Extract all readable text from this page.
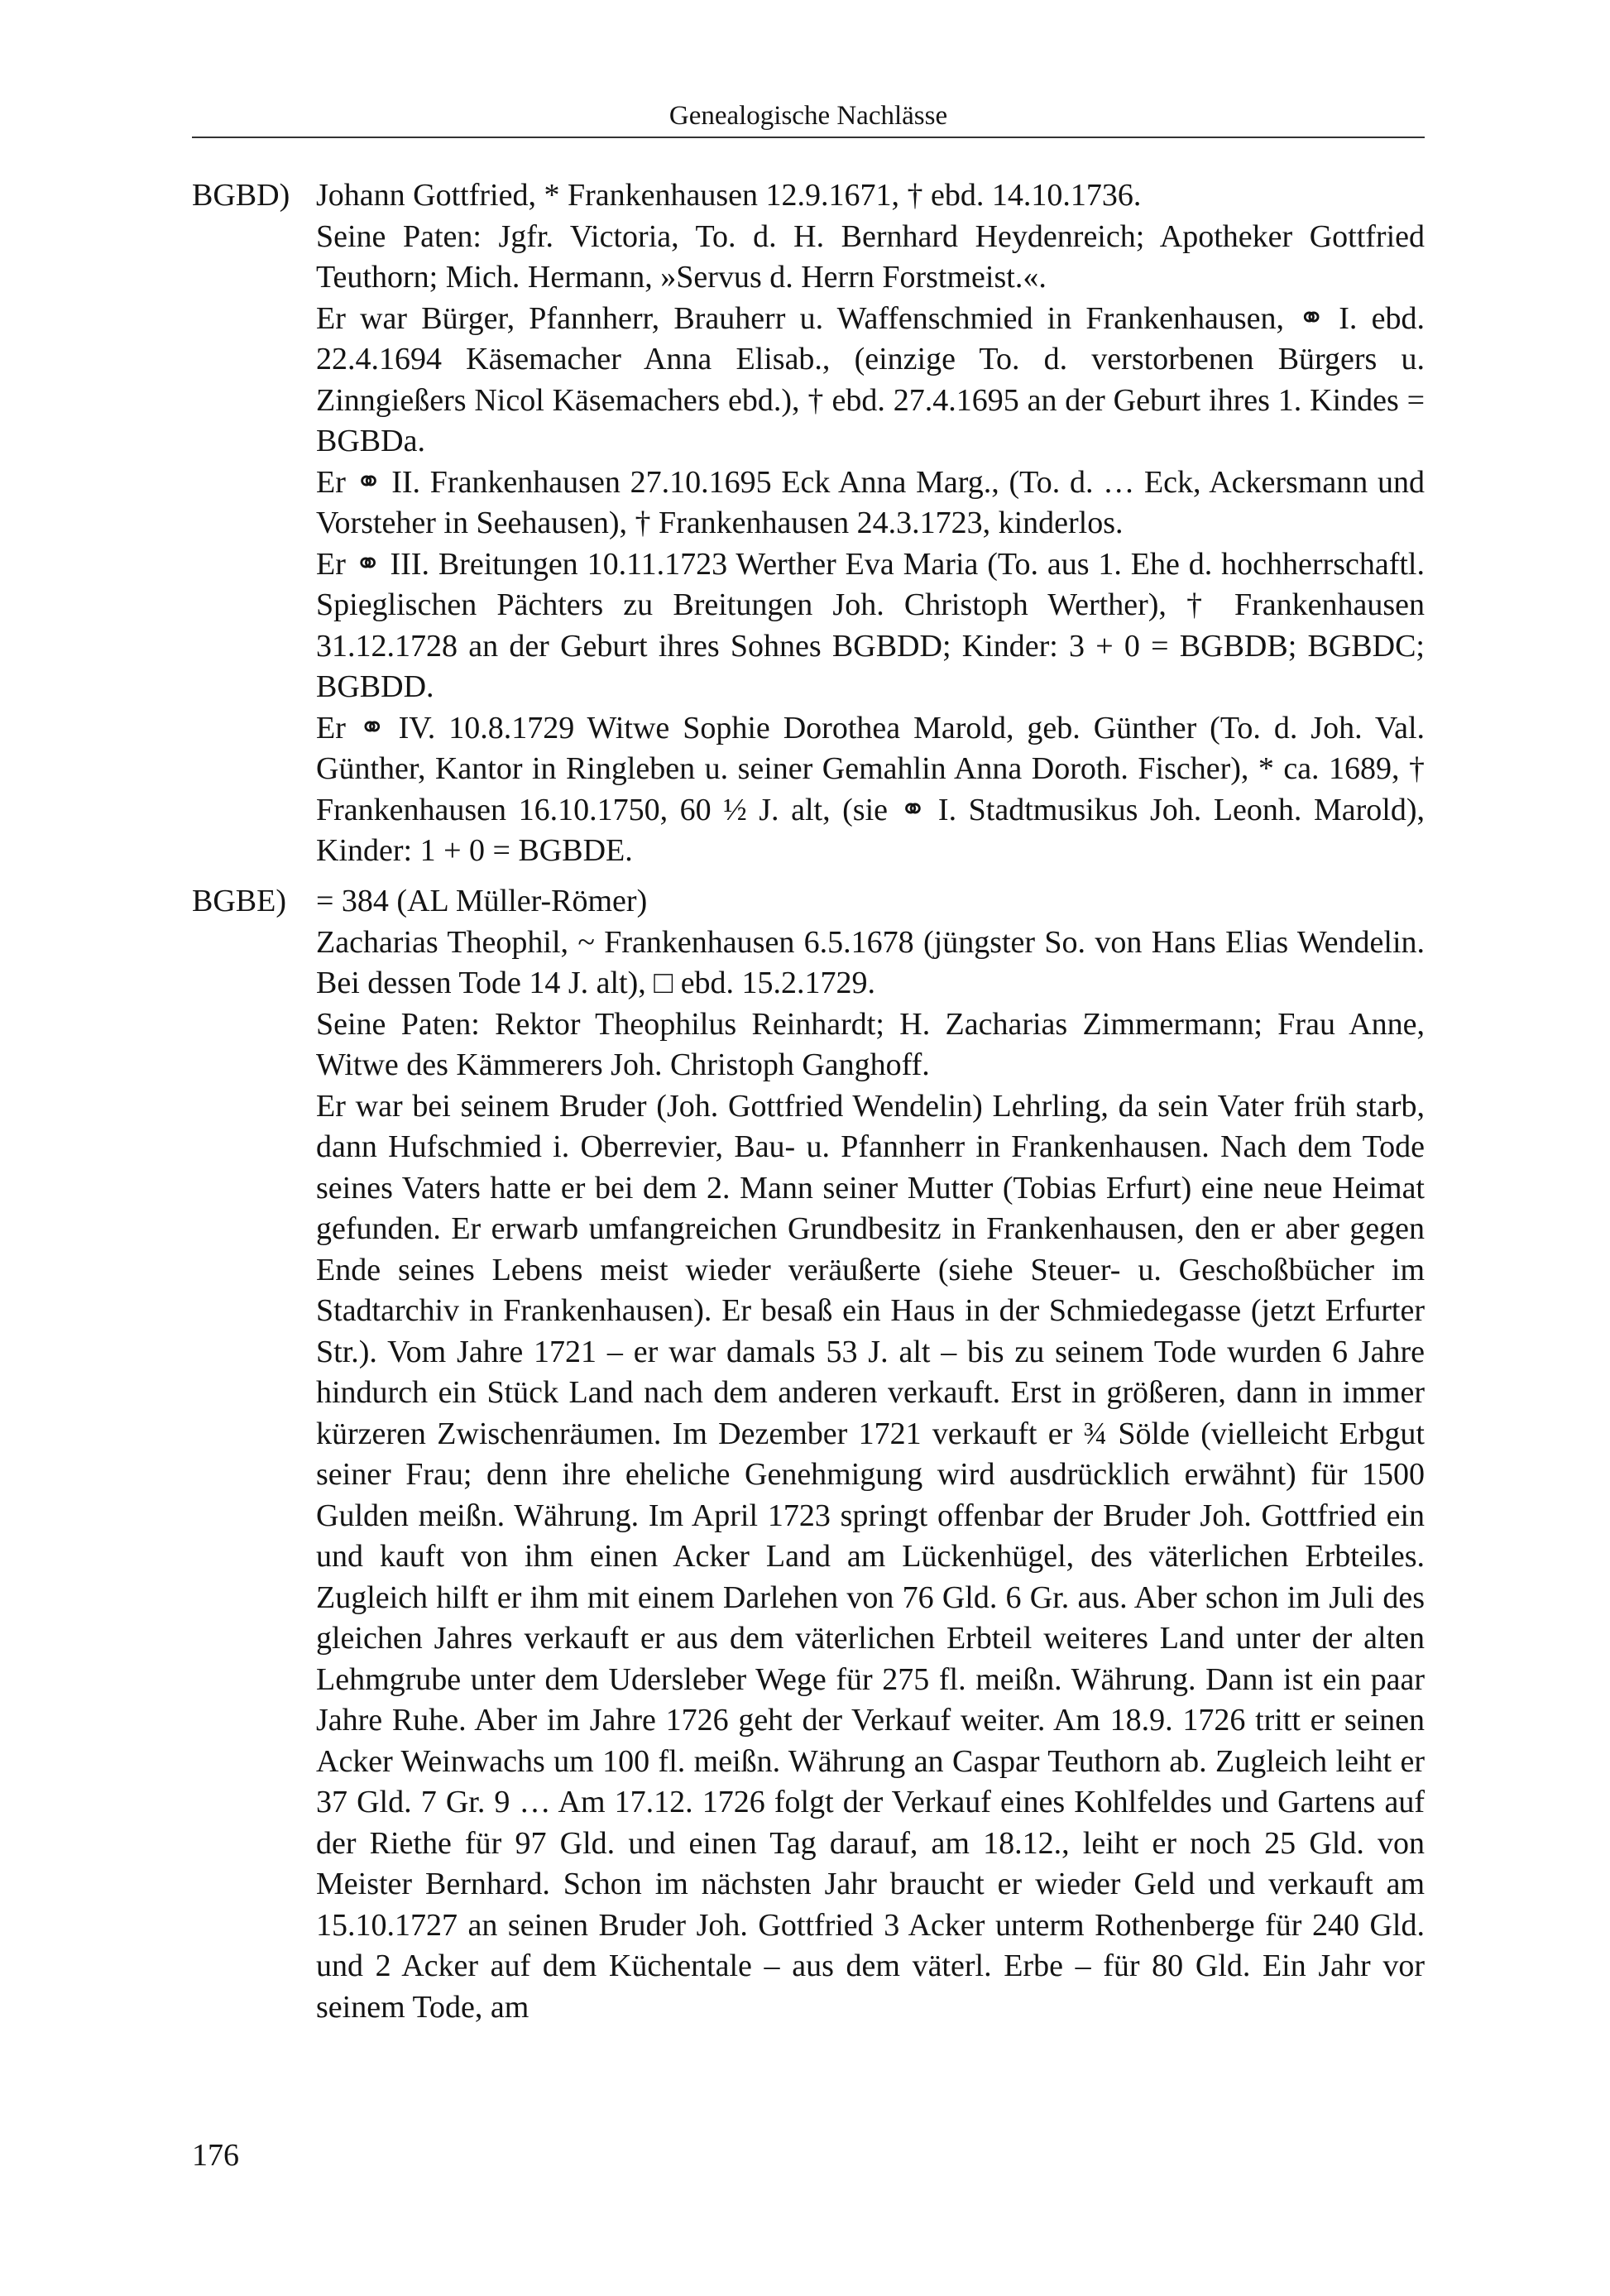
Genealogische Nachlässe
BGBD) Johann Gottfried, * Frankenhausen 12.9.1671, † ebd. 14.10.1736.
Seine Paten: Jgfr. Victoria, To. d. H. Bernhard Heydenreich; Apotheker Gottfried Teuthorn; Mich. Hermann, »Servus d. Herrn Forstmeist.«.
Er war Bürger, Pfannherr, Brauherr u. Waffenschmied in Frankenhausen, ⚭ I. ebd. 22.4.1694 Käsemacher Anna Elisab., (einzige To. d. verstorbenen Bürgers u. Zinngießers Nicol Käsemachers ebd.), † ebd. 27.4.1695 an der Geburt ihres 1. Kindes = BGBDa.
Er ⚭ II. Frankenhausen 27.10.1695 Eck Anna Marg., (To. d. … Eck, Ackersmann und Vorsteher in Seehausen), † Frankenhausen 24.3.1723, kinderlos.
Er ⚭ III. Breitungen 10.11.1723 Werther Eva Maria (To. aus 1. Ehe d. hochherrschaftl. Spieglischen Pächters zu Breitungen Joh. Christoph Werther), † Frankenhausen 31.12.1728 an der Geburt ihres Sohnes BGBDD; Kinder: 3 + 0 = BGBDB; BGBDC; BGBDD.
Er ⚭ IV. 10.8.1729 Witwe Sophie Dorothea Marold, geb. Günther (To. d. Joh. Val. Günther, Kantor in Ringleben u. seiner Gemahlin Anna Doroth. Fischer), * ca. 1689, † Frankenhausen 16.10.1750, 60 ½ J. alt, (sie ⚭ I. Stadtmusikus Joh. Leonh. Marold), Kinder: 1 + 0 = BGBDE.
BGBE) = 384 (AL Müller-Römer)
Zacharias Theophil, ~ Frankenhausen 6.5.1678 (jüngster So. von Hans Elias Wendelin. Bei dessen Tode 14 J. alt), □ ebd. 15.2.1729.
Seine Paten: Rektor Theophilus Reinhardt; H. Zacharias Zimmermann; Frau Anne, Witwe des Kämmerers Joh. Christoph Ganghoff.
Er war bei seinem Bruder (Joh. Gottfried Wendelin) Lehrling, da sein Vater früh starb, dann Hufschmied i. Oberrevier, Bau- u. Pfannherr in Frankenhausen. Nach dem Tode seines Vaters hatte er bei dem 2. Mann seiner Mutter (Tobias Erfurt) eine neue Heimat gefunden. Er erwarb umfangreichen Grundbesitz in Frankenhausen, den er aber gegen Ende seines Lebens meist wieder veräußerte (siehe Steuer- u. Geschoßbücher im Stadtarchiv in Frankenhausen). Er besaß ein Haus in der Schmiedegasse (jetzt Erfurter Str.). Vom Jahre 1721 – er war damals 53 J. alt – bis zu seinem Tode wurden 6 Jahre hindurch ein Stück Land nach dem anderen verkauft. Erst in größeren, dann in immer kürzeren Zwischenräumen. Im Dezember 1721 verkauft er ¾ Sölde (vielleicht Erbgut seiner Frau; denn ihre eheliche Genehmigung wird ausdrücklich erwähnt) für 1500 Gulden meißn. Währung. Im April 1723 springt offenbar der Bruder Joh. Gottfried ein und kauft von ihm einen Acker Land am Lückenhügel, des väterlichen Erbteiles. Zugleich hilft er ihm mit einem Darlehen von 76 Gld. 6 Gr. aus. Aber schon im Juli des gleichen Jahres verkauft er aus dem väterlichen Erbteil weiteres Land unter der alten Lehmgrube unter dem Udersleber Wege für 275 fl. meißn. Währung. Dann ist ein paar Jahre Ruhe. Aber im Jahre 1726 geht der Verkauf weiter. Am 18.9. 1726 tritt er seinen Acker Weinwachs um 100 fl. meißn. Währung an Caspar Teuthorn ab. Zugleich leiht er 37 Gld. 7 Gr. 9 … Am 17.12. 1726 folgt der Verkauf eines Kohlfeldes und Gartens auf der Riethe für 97 Gld. und einen Tag darauf, am 18.12., leiht er noch 25 Gld. von Meister Bernhard. Schon im nächsten Jahr braucht er wieder Geld und verkauft am 15.10.1727 an seinen Bruder Joh. Gottfried 3 Acker unterm Rothenberge für 240 Gld. und 2 Acker auf dem Küchentale – aus dem väterl. Erbe – für 80 Gld. Ein Jahr vor seinem Tode, am
176
